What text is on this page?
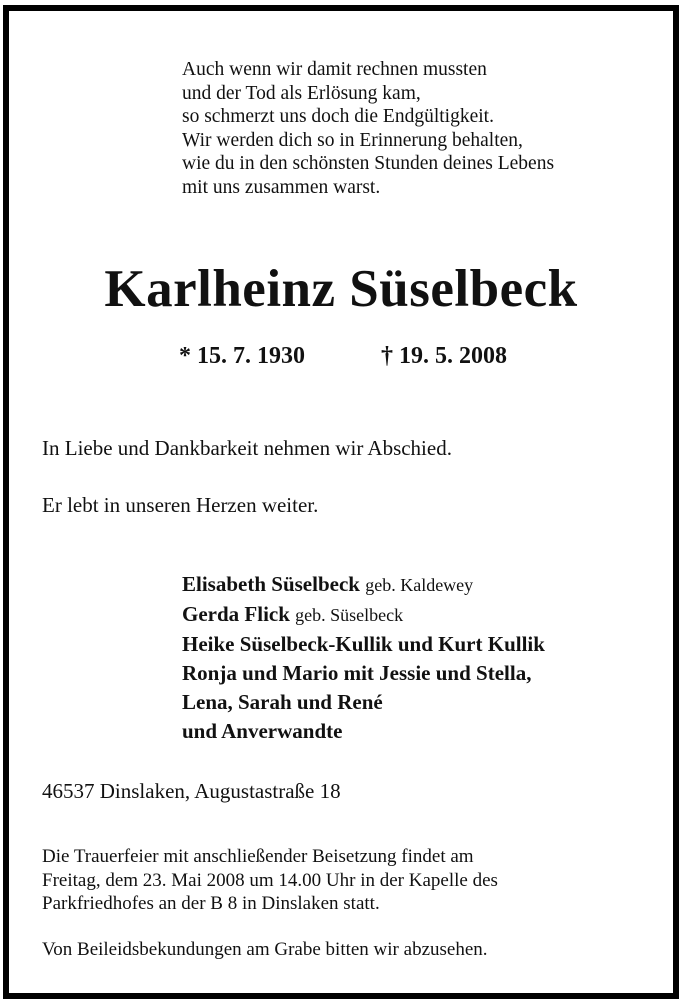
Auch wenn wir damit rechnen mussten
und der Tod als Erlösung kam,
so schmerzt uns doch die Endgültigkeit.
Wir werden dich so in Erinnerung behalten,
wie du in den schönsten Stunden deines Lebens
mit uns zusammen warst.
Karlheinz Süselbeck
* 15. 7. 1930	† 19. 5. 2008
In Liebe und Dankbarkeit nehmen wir Abschied.
Er lebt in unseren Herzen weiter.
Elisabeth Süselbeck geb. Kaldewey
Gerda Flick geb. Süselbeck
Heike Süselbeck-Kullik und Kurt Kullik
Ronja und Mario mit Jessie und Stella,
Lena, Sarah und René
und Anverwandte
46537 Dinslaken, Augustastraße 18
Die Trauerfeier mit anschließender Beisetzung findet am
Freitag, dem 23. Mai 2008 um 14.00 Uhr in der Kapelle des
Parkfriedhofes an der B 8 in Dinslaken statt.
Von Beileidsbekundungen am Grabe bitten wir abzusehen.
